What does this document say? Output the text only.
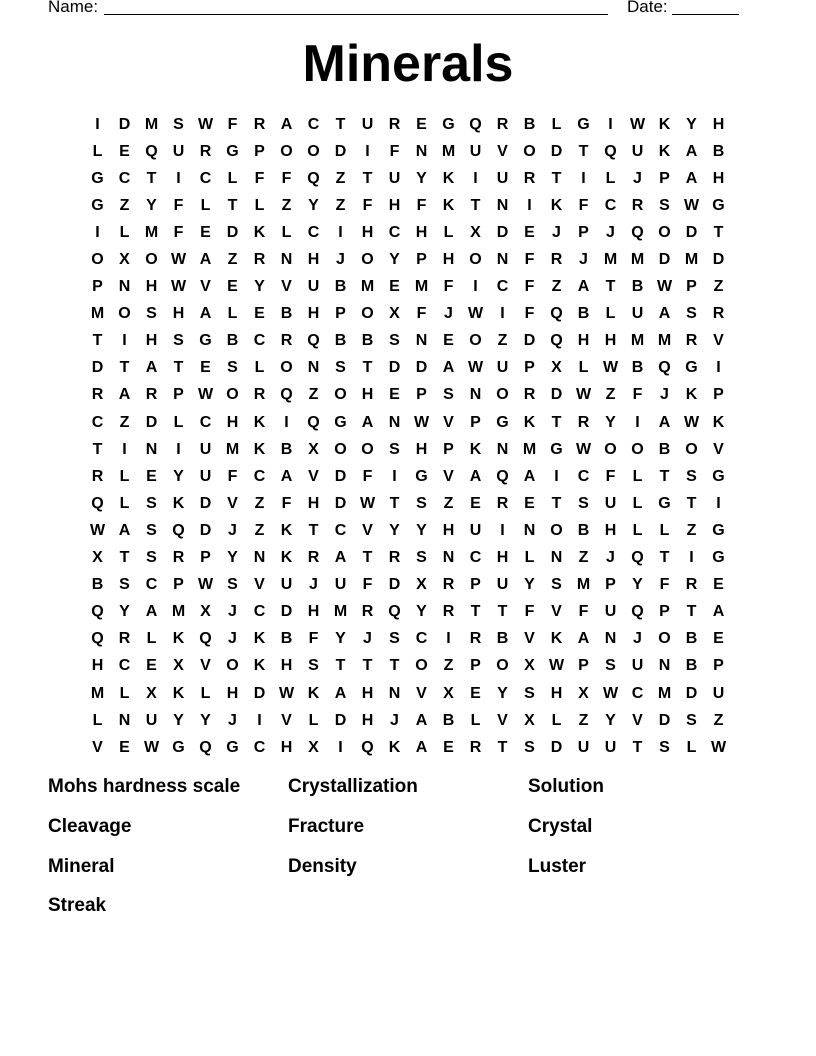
Name:	Date:
Minerals
I	D M S W F	R A C	T	U R E G Q R B	L G	I	W K Y H
L	E Q U R G P O O D	I	F	N M U V O D	T Q U K A B
G C	T	I	C	L	F	F Q Z	T	U Y K	I	U R	T	I	L	J	P A H
G Z	Y	F	L	T	L	Z	Y	Z	F	H	F	K	T	N	I	K	F	C R S W G
I	L M F	E D K	L	C	I	H C H	L	X D E	J	P	J	Q O D	T
O X O W A	Z	R N H	J	O Y	P H O N	F	R	J M M D M D
P N H W V	E	Y	V U B M E M F	I	C	F	Z	A	T	B W P	Z
M O S H A	L	E B H P O X	F	J W	I	F Q B	L	U A S R
T	I	H S G B C R Q B B S N E O Z	D Q H H M M R V
D	T	A	T	E	S	L O N S	T	D D A W U P	X	L W B Q G	I
R A R P W O R Q Z O H E	P	S N O R D W Z	F	J	K P
C	Z	D	L	C H K	I	Q G A N W V	P G K	T	R Y	I	A W K
T	I	N	I	U M K B X O O S H P K N M G W O O B O V
R	L	E	Y U	F	C A V D	F	I	G V A Q A	I	C	F	L	T	S G
Q L	S K D V	Z	F	H D W T	S	Z	E R E	T	S U	L G T	I
W A S Q D	J	Z	K	T	C V	Y	Y H U	I	N O B H	L	L	Z G
X	T	S R P	Y N K R A	T	R S N C H	L	N	Z	J	Q T	I	G
B S C P W S	V U	J	U	F	D X R P U Y	S M P	Y	F	R E
Q Y A M X	J	C D H M R Q Y R	T	T	F	V	F	U Q P	T	A
Q R	L	K Q	J	K B	F	Y	J	S C	I	R B V K A N	J	O B E
H C E	X	V O K H S	T	T	T O Z	P O X W P	S U N B P
M L	X K	L	H D W K A H N V	X	E	Y	S H X W C M D U
L	N U Y	Y	J	I	V	L	D H	J	A B	L	V	X	L	Z	Y	V D S	Z
V	E W G Q G C H X	I	Q K A E R	T	S D U U	T	S	L W
Mohs hardness scale	Crystallization	Solution
Cleavage	Fracture	Crystal
Mineral	Density	Luster
Streak
